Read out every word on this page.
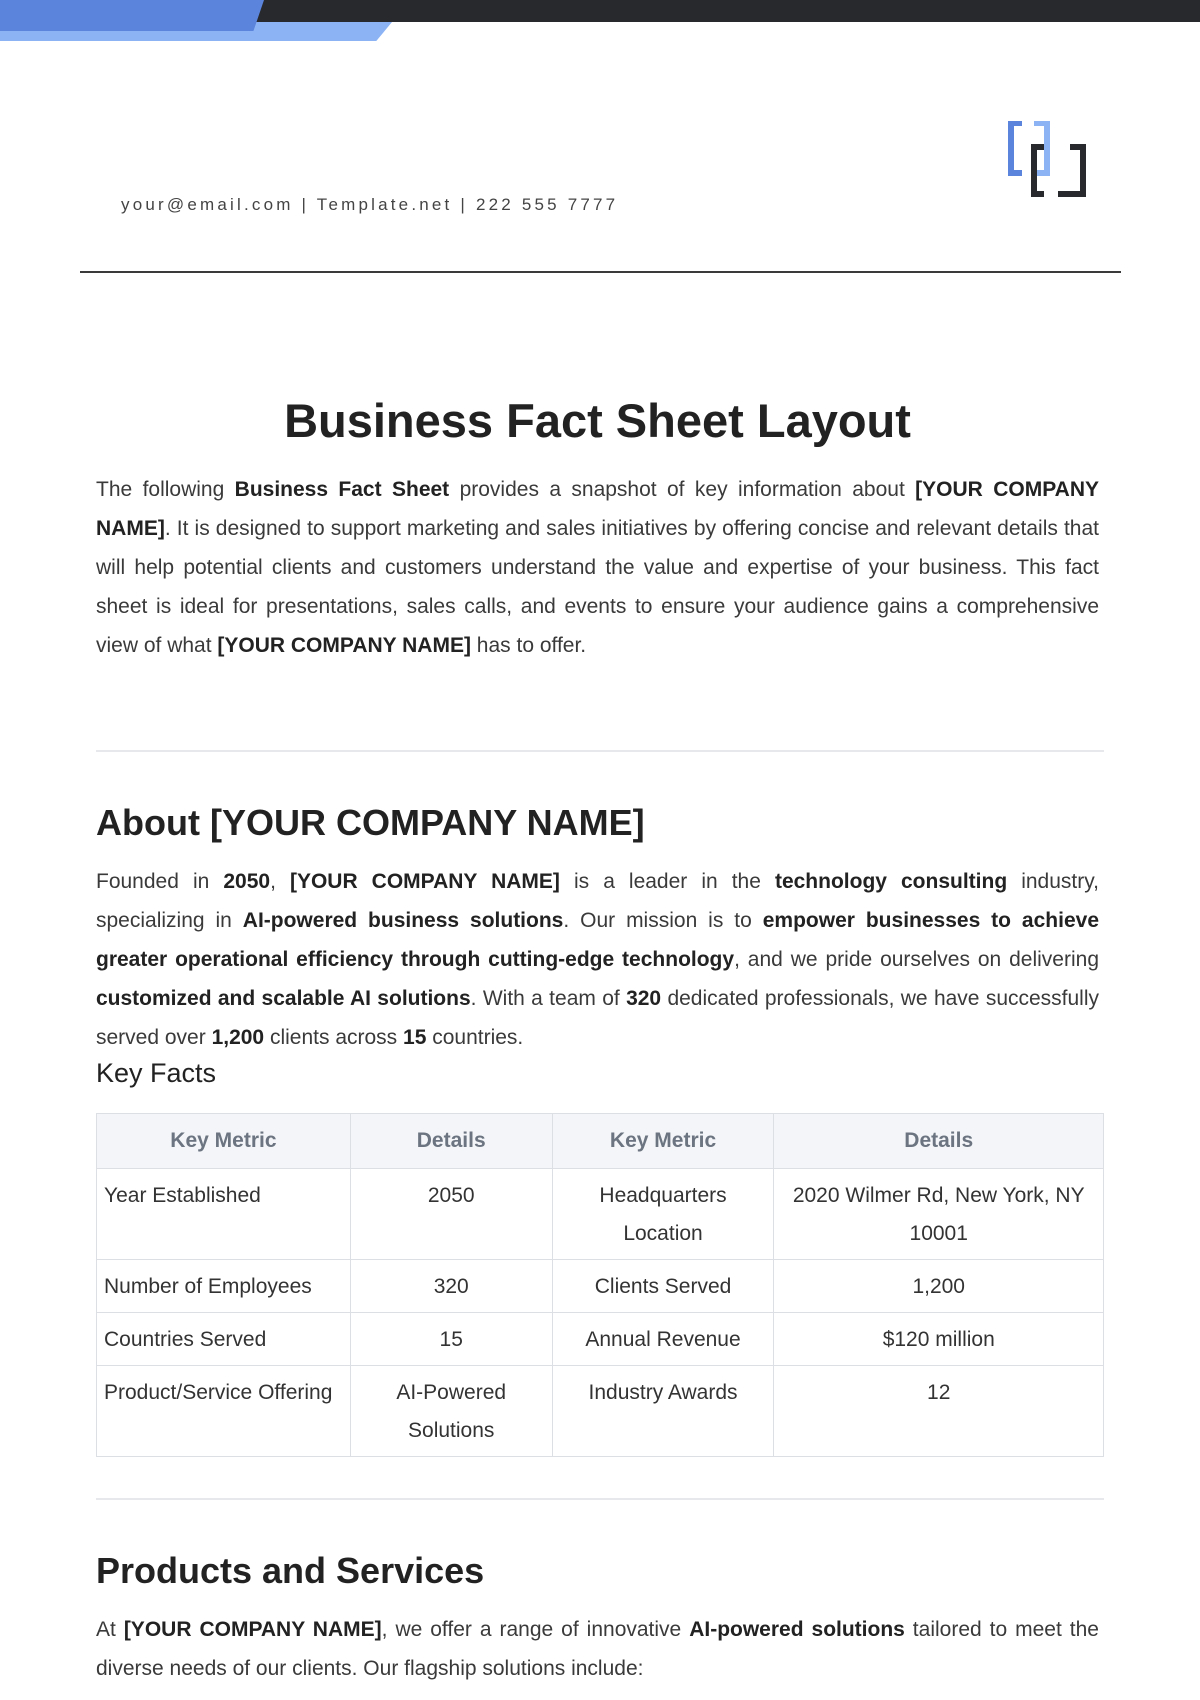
your@email.com | Template.net | 222 555 7777
Business Fact Sheet Layout

The following Business Fact Sheet provides a snapshot of key information about [YOUR COMPANY NAME]. It is designed to support marketing and sales initiatives by offering concise and relevant details that will help potential clients and customers understand the value and expertise of your business. This fact sheet is ideal for presentations, sales calls, and events to ensure your audience gains a comprehensive view of what [YOUR COMPANY NAME] has to offer.

About [YOUR COMPANY NAME]

Founded in 2050, [YOUR COMPANY NAME] is a leader in the technology consulting industry, specializing in AI-powered business solutions. Our mission is to empower businesses to achieve greater operational efficiency through cutting-edge technology, and we pride ourselves on delivering customized and scalable AI solutions. With a team of 320 dedicated professionals, we have successfully served over 1,200 clients across 15 countries.

Key Facts
Key Metric	Details	Key Metric	Details
Year Established	2050	Headquarters Location	2020 Wilmer Rd, New York, NY 10001
Number of Employees	320	Clients Served	1,200
Countries Served	15	Annual Revenue	$120 million
Product/Service Offering	AI-Powered Solutions	Industry Awards	12
Products and Services

At [YOUR COMPANY NAME], we offer a range of innovative AI-powered solutions tailored to meet the diverse needs of our clients. Our flagship solutions include:
